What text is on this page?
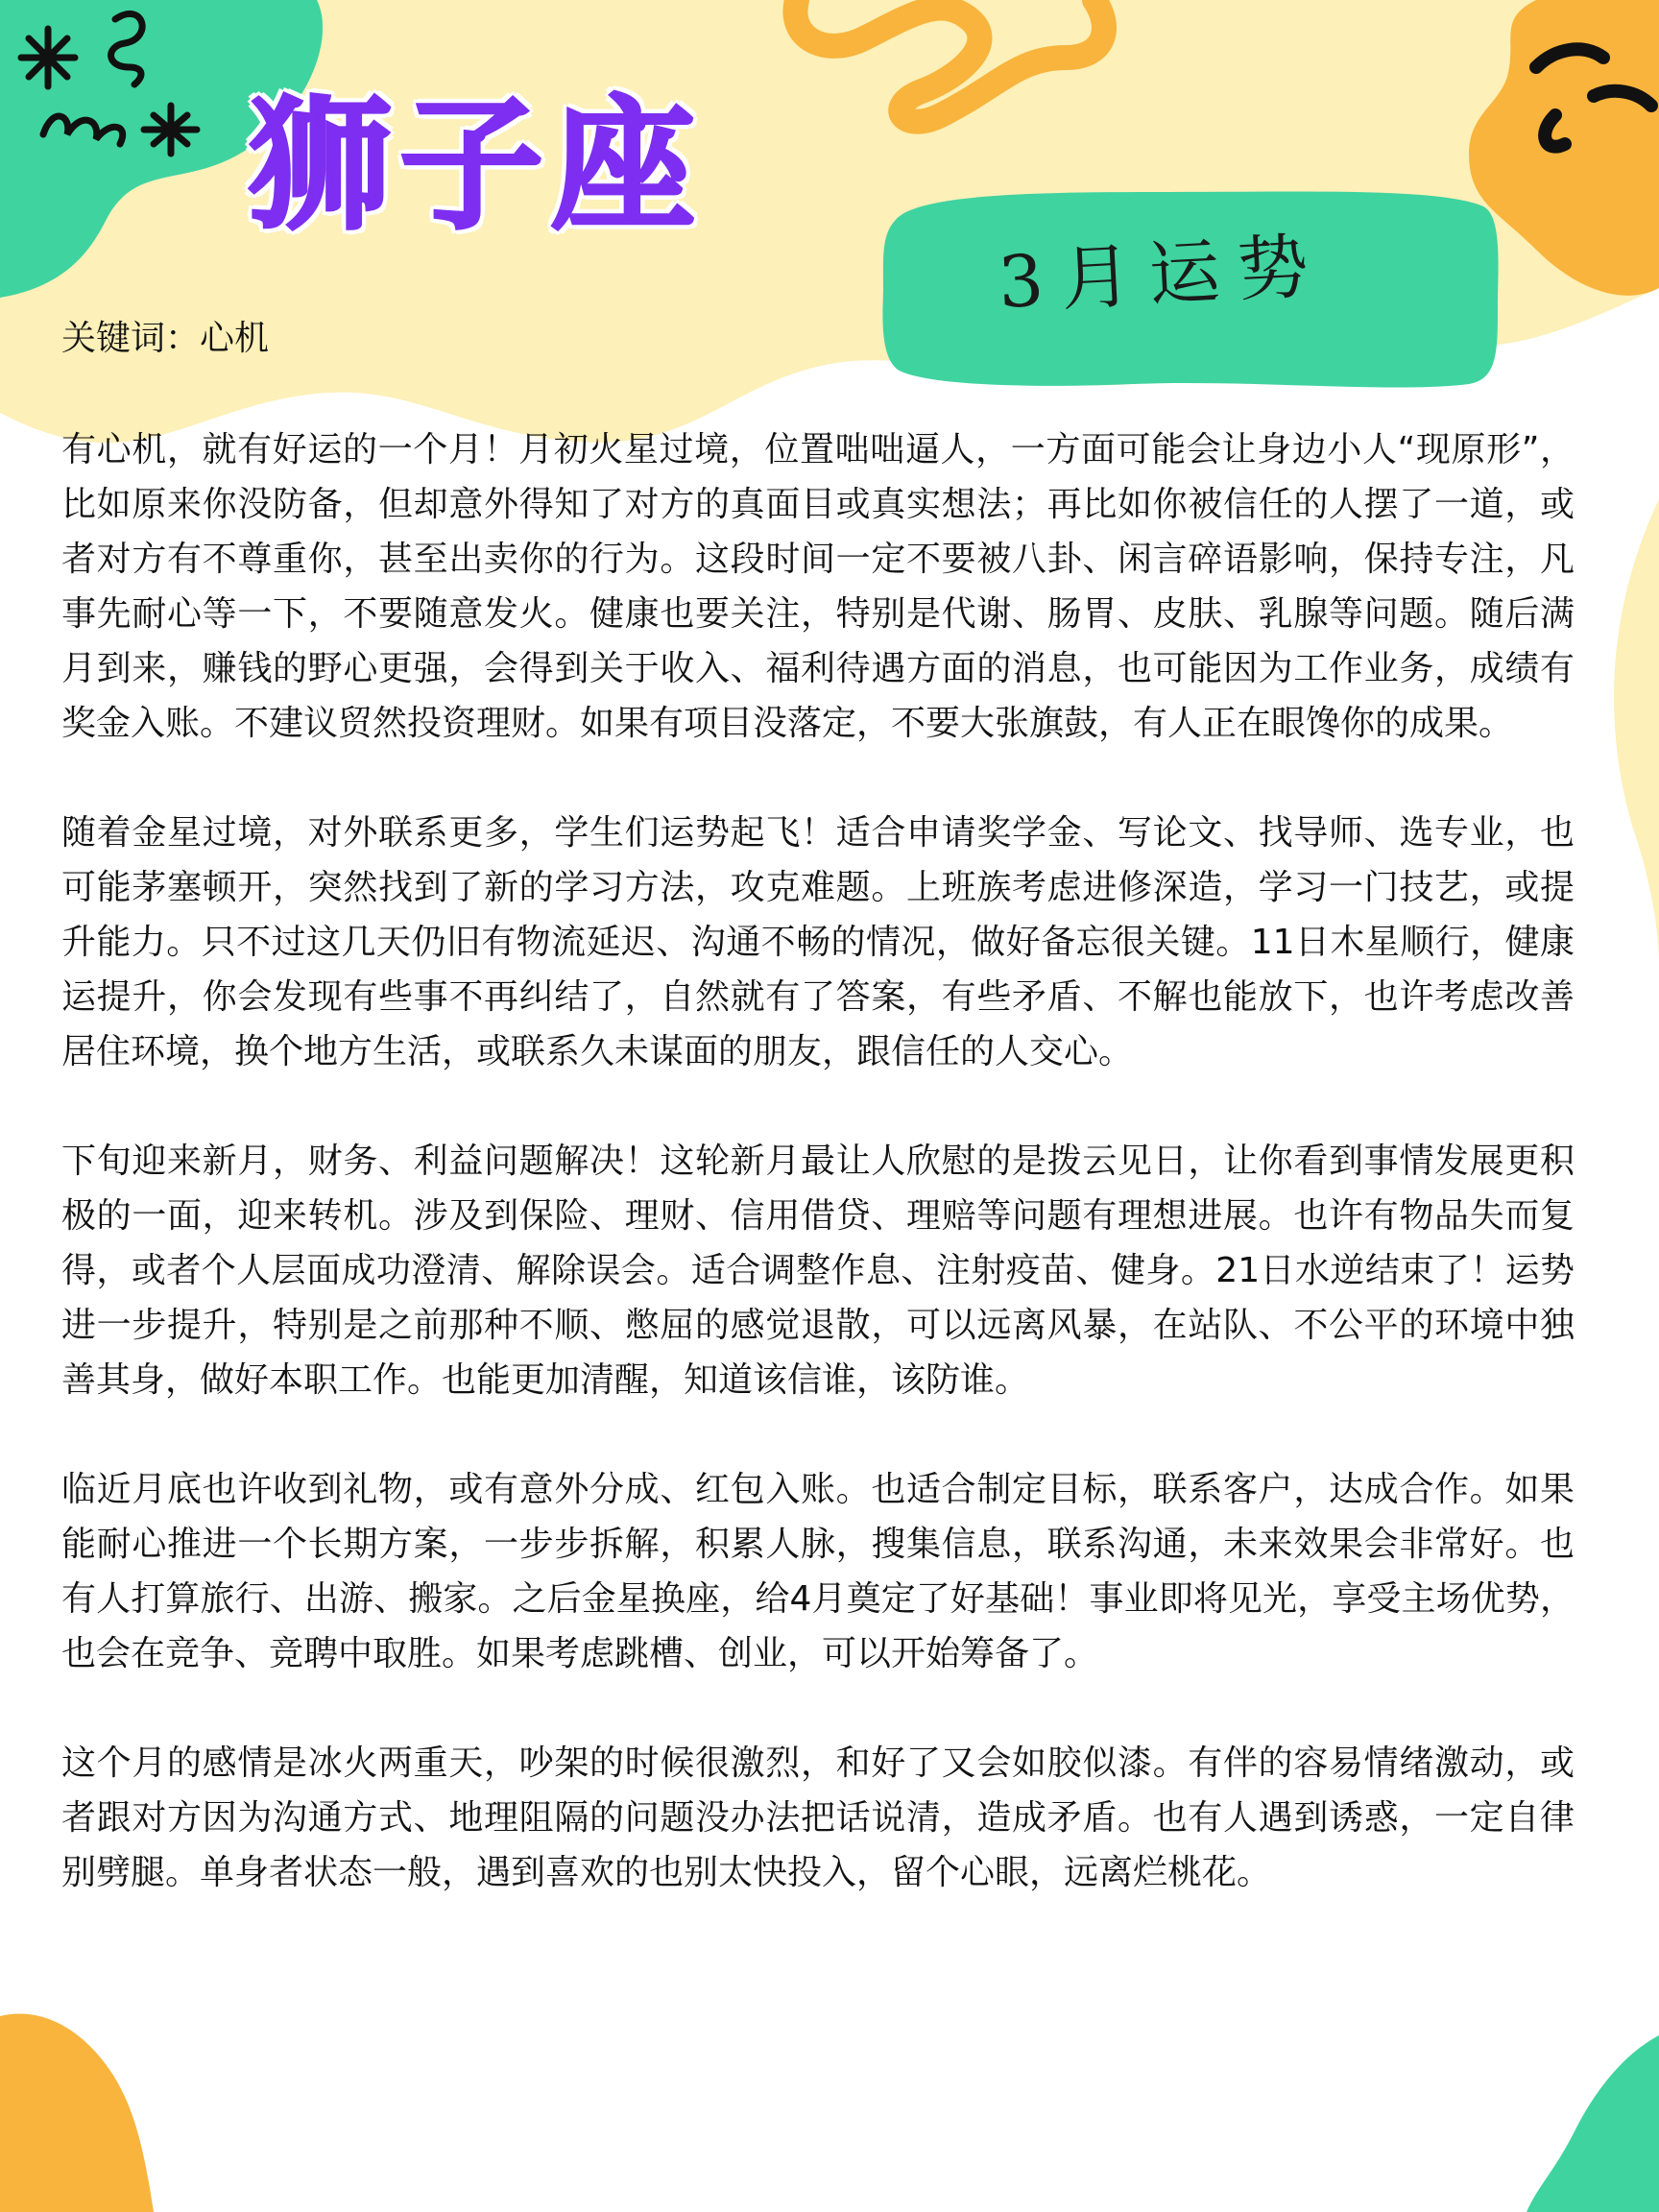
狮子座
3月运势
关键词：心机

有心机，就有好运的一个月！月初火星过境，位置咄咄逼人，一方面可能会让身边小人“现原形”，比如原来你没防备，但却意外得知了对方的真面目或真实想法；再比如你被信任的人摆了一道，或者对方有不尊重你，甚至出卖你的行为。这段时间一定不要被八卦、闲言碎语影响，保持专注，凡事先耐心等一下，不要随意发火。健康也要关注，特别是代谢、肠胃、皮肤、乳腺等问题。随后满月到来，赚钱的野心更强，会得到关于收入、福利待遇方面的消息，也可能因为工作业务，成绩有奖金入账。不建议贸然投资理财。如果有项目没落定，不要大张旗鼓，有人正在眼馋你的成果。

随着金星过境，对外联系更多，学生们运势起飞！适合申请奖学金、写论文、找导师、选专业，也可能茅塞顿开，突然找到了新的学习方法，攻克难题。上班族考虑进修深造，学习一门技艺，或提升能力。只不过这几天仍旧有物流延迟、沟通不畅的情况，做好备忘很关键。11日木星顺行，健康运提升，你会发现有些事不再纠结了，自然就有了答案，有些矛盾、不解也能放下，也许考虑改善居住环境，换个地方生活，或联系久未谋面的朋友，跟信任的人交心。

下旬迎来新月，财务、利益问题解决！这轮新月最让人欣慰的是拨云见日，让你看到事情发展更积极的一面，迎来转机。涉及到保险、理财、信用借贷、理赔等问题有理想进展。也许有物品失而复得，或者个人层面成功澄清、解除误会。适合调整作息、注射疫苗、健身。21日水逆结束了！运势进一步提升，特别是之前那种不顺、憋屈的感觉退散，可以远离风暴，在站队、不公平的环境中独善其身，做好本职工作。也能更加清醒，知道该信谁，该防谁。

临近月底也许收到礼物，或有意外分成、红包入账。也适合制定目标，联系客户，达成合作。如果能耐心推进一个长期方案，一步步拆解，积累人脉，搜集信息，联系沟通，未来效果会非常好。也有人打算旅行、出游、搬家。之后金星换座，给4月奠定了好基础！事业即将见光，享受主场优势，也会在竞争、竞聘中取胜。如果考虑跳槽、创业，可以开始筹备了。

这个月的感情是冰火两重天，吵架的时候很激烈，和好了又会如胶似漆。有伴的容易情绪激动，或者跟对方因为沟通方式、地理阻隔的问题没办法把话说清，造成矛盾。也有人遇到诱惑，一定自律别劈腿。单身者状态一般，遇到喜欢的也别太快投入，留个心眼，远离烂桃花。
